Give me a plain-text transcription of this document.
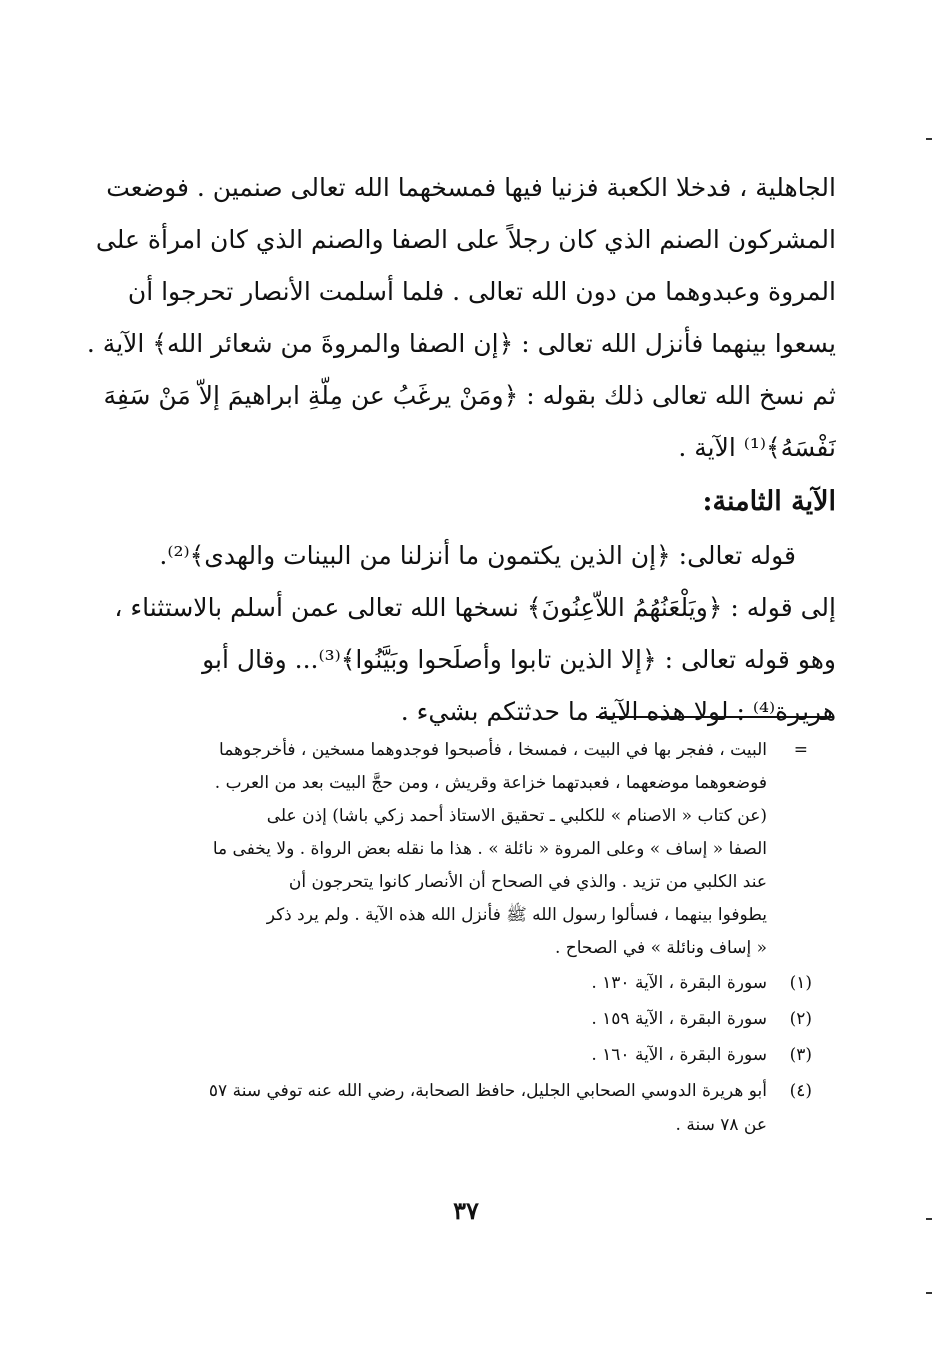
الجاهلية ، فدخلا الكعبة فزنيا فيها فمسخهما الله تعالى صنمين . فوضعت
المشركون الصنم الذي كان رجلاً على الصفا والصنم الذي كان امرأة على
المروة وعبدوهما من دون الله تعالى . فلما أسلمت الأنصار تحرجوا أن
يسعوا بينهما فأنزل الله تعالى : ﴿إن الصفا والمروةَ من شعائر الله﴾ الآية .
ثم نسخ الله تعالى ذلك بقوله : ﴿ومَنْ يرغَبُ عن مِلّةِ ابراهيمَ إلاّ مَنْ سَفِهَ
نَفْسَهُ﴾⁽¹⁾ الآية .
الآية الثامنة:
قوله تعالى: ﴿إن الذين يكتمون ما أنزلنا من البينات والهدى﴾⁽²⁾.
إلى قوله : ﴿ويَلْعَنُهُمُ اللاّعِنُونَ﴾ نسخها الله تعالى عمن أسلم بالاستثناء ،
وهو قوله تعالى : ﴿إلا الذين تابوا وأصلَحوا وبَيَّنُوا﴾⁽³⁾... وقال أبو
هريرة⁽⁴⁾ : لولا هذه الآية ما حدثتكم بشيء .
=
البيت ، ففجر بها في البيت ، فمسخا ، فأصبحوا فوجدوهما مسخين ، فأخرجوهما
فوضعوهما موضعهما ، فعبدتهما خزاعة وقريش ، ومن حجَّ البيت بعد من العرب .
(عن كتاب « الاصنام » للكلبي ـ تحقيق الاستاذ أحمد زكي باشا) إذن على
الصفا « إساف » وعلى المروة « نائلة » . هذا ما نقله بعض الرواة . ولا يخفى ما
عند الكلبي من تزيد . والذي في الصحاح أن الأنصار كانوا يتحرجون أن
يطوفوا بينهما ، فسألوا رسول الله ﷺ فأنزل الله هذه الآية . ولم يرد ذكر
« إساف ونائلة » في الصحاح .
(١)
سورة البقرة ، الآية ١٣٠ .
(٢)
سورة البقرة ، الآية ١٥٩ .
(٣)
سورة البقرة ، الآية ١٦٠ .
(٤)
أبو هريرة الدوسي الصحابي الجليل، حافظ الصحابة، رضي الله عنه توفي سنة ٥٧
عن ٧٨ سنة .
٣٧
